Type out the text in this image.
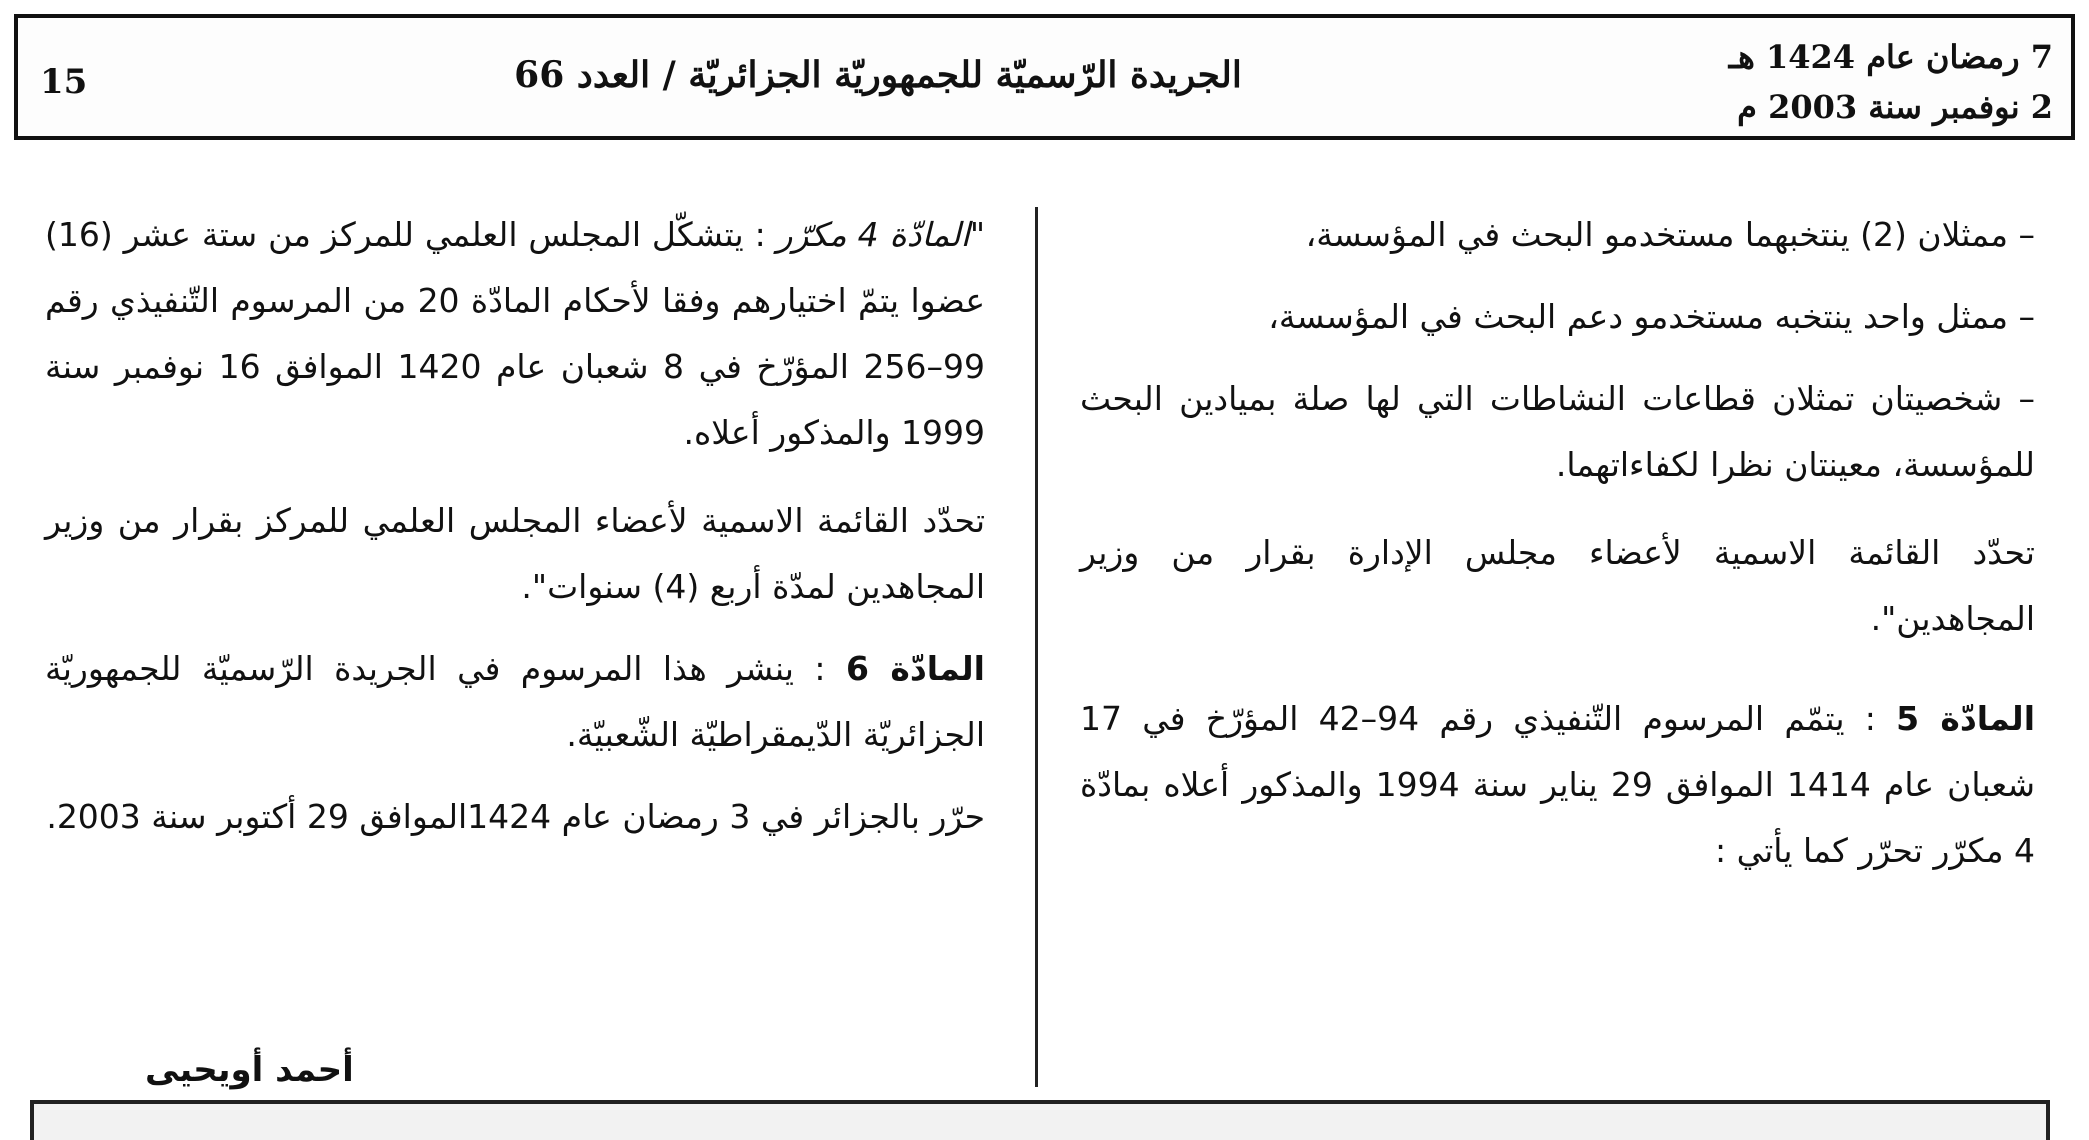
7 رمضان عام 1424 هـ
2 نوفمبر سنة 2003 م
الجريدة الرّسميّة للجمهوريّة الجزائريّة / العدد 66
15

– ممثلان (2) ينتخبهما مستخدمو البحث في المؤسسة،

– ممثل واحد ينتخبه مستخدمو دعم البحث في المؤسسة،

– شخصيتان تمثلان قطاعات النشاطات التي لها صلة بميادين البحث للمؤسسة، معينتان نظرا لكفاءاتهما.

تحدّد القائمة الاسمية لأعضاء مجلس الإدارة بقرار من وزير المجاهدين".

المادّة 5 : يتمّم المرسوم التّنفيذي رقم 94–42 المؤرّخ في 17 شعبان عام 1414 الموافق 29 يناير سنة 1994 والمذكور أعلاه بمادّة 4 مكرّر تحرّر كما يأتي :

"المادّة 4 مكرّر : يتشكّل المجلس العلمي للمركز من ستة عشر (16) عضوا يتمّ اختيارهم وفقا لأحكام المادّة 20 من المرسوم التّنفيذي رقم 99–256 المؤرّخ في 8 شعبان عام 1420 الموافق 16 نوفمبر سنة 1999 والمذكور أعلاه.

تحدّد القائمة الاسمية لأعضاء المجلس العلمي للمركز بقرار من وزير المجاهدين لمدّة أربع (4) سنوات".

المادّة 6 : ينشر هذا المرسوم في الجريدة الرّسميّة للجمهوريّة الجزائريّة الدّيمقراطيّة الشّعبيّة.

حرّر بالجزائر في 3 رمضان عام 1424الموافق 29 أكتوبر سنة 2003.

أحمد أويحيى
